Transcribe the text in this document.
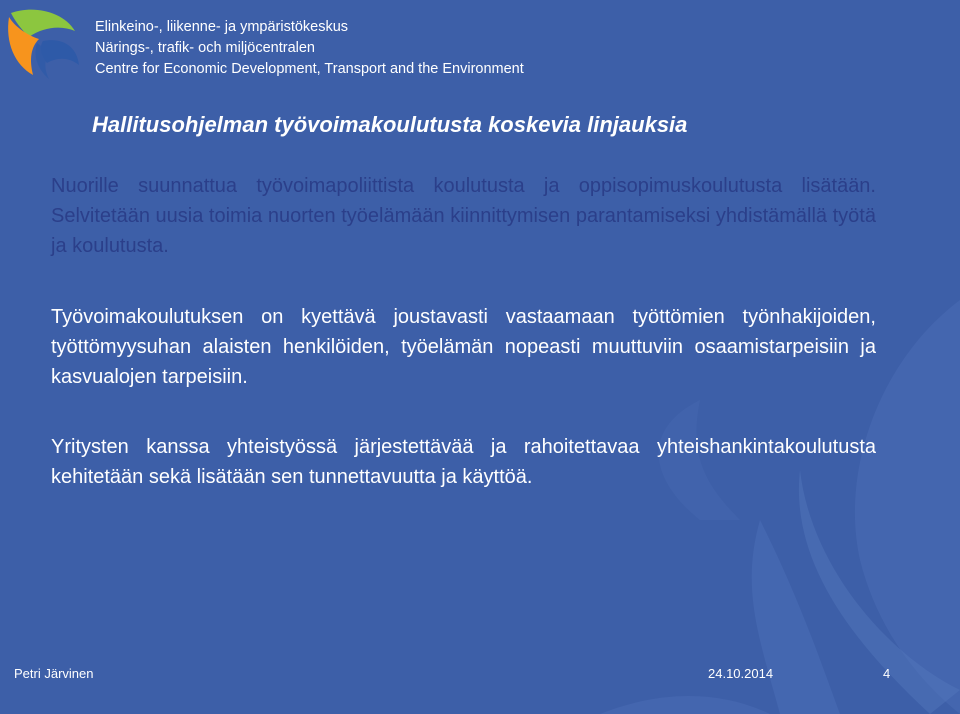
Elinkeino-, liikenne- ja ympäristökeskus
Närings-, trafik- och miljöcentralen
Centre for Economic Development, Transport and the Environment
Hallitusohjelman työvoimakoulutusta koskevia linjauksia

Nuorille suunnattua työvoimapoliittista koulutusta ja oppisopimuskoulutusta lisätään. Selvitetään uusia toimia nuorten työelämään kiinnittymisen parantamiseksi yhdistämällä työtä ja koulutusta.

Työvoimakoulutuksen on kyettävä joustavasti vastaamaan työttömien työnhakijoiden, työttömyysuhan alaisten henkilöiden, työelämän nopeasti muuttuviin osaamistarpeisiin ja kasvualojen tarpeisiin.

Yritysten kanssa yhteistyössä järjestettävää ja rahoitettavaa yhteishankintakoulutusta kehitetään sekä lisätään sen tunnettavuutta ja käyttöä.

Petri Järvinen	24.10.2014	4
